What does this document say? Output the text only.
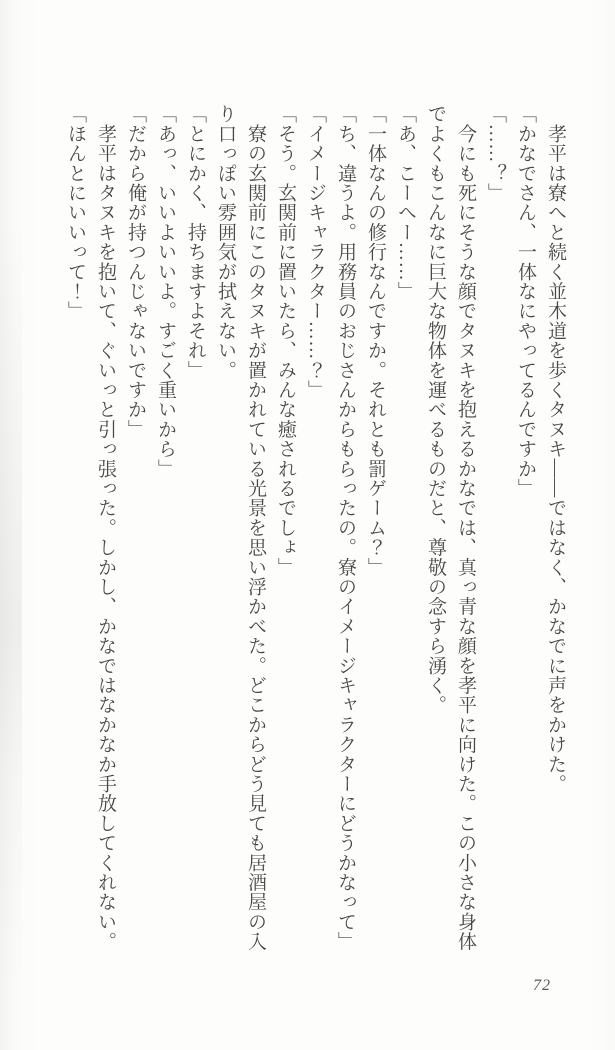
　孝平は寮へと続く並木道を歩くタヌキ――ではなく、かなでに声をかけた。

「かなでさん、一体なにやってるんですか」

「……？」

　今にも死にそうな顔でタヌキを抱えるかなでは、真っ青な顔を孝平に向けた。この小さな身体でよくもこんなに巨大な物体を運べるものだと、尊敬の念すら湧く。

「あ、こーへー……」

「一体なんの修行なんですか。それとも罰ゲーム？」

「ち、違うよ。用務員のおじさんからもらったの。寮のイメージキャラクターにどうかなって」

「イメージキャラクター……？」

「そう。玄関前に置いたら、みんな癒されるでしょ」

　寮の玄関前にこのタヌキが置かれている光景を思い浮かべた。どこからどう見ても居酒屋の入り口っぽい雰囲気が拭えない。

「とにかく、持ちますよそれ」

「あっ、いいよいいよ。すごく重いから」

「だから俺が持つんじゃないですか」

　孝平はタヌキを抱いて、ぐいっと引っ張った。しかし、かなではなかなか手放してくれない。

「ほんとにいいって！」

72
